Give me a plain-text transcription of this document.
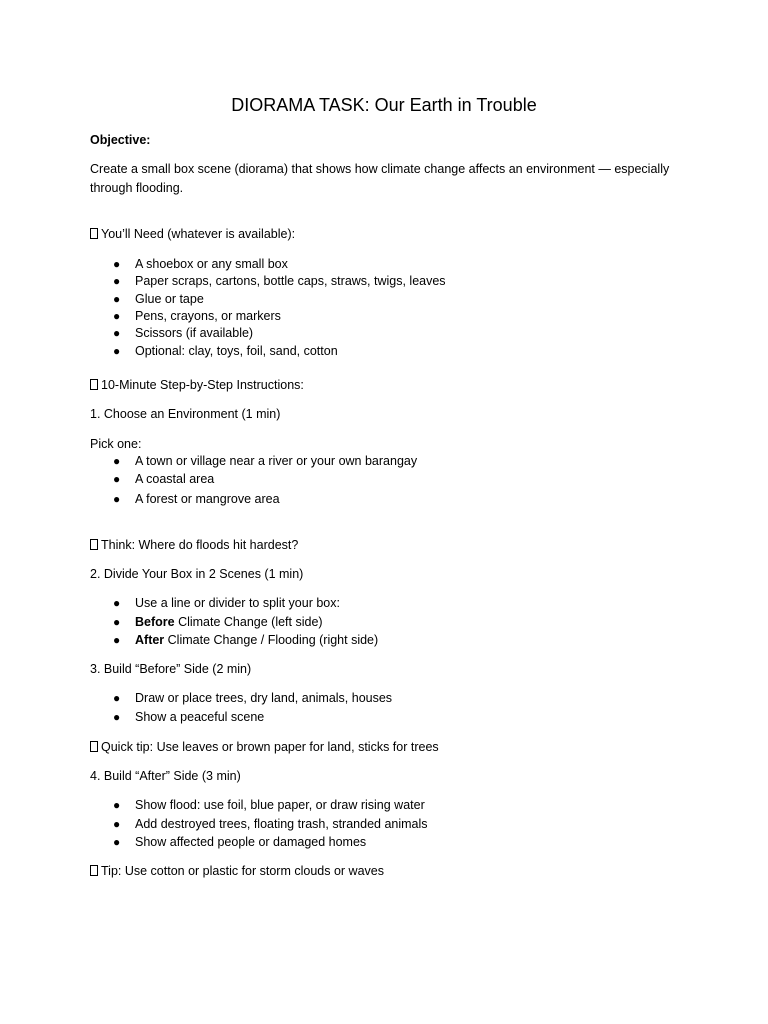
DIORAMA TASK: Our Earth in Trouble
Objective:
Create a small box scene (diorama) that shows how climate change affects an environment — especially
through flooding.
You’ll Need (whatever is available):
● A shoebox or any small box
● Paper scraps, cartons, bottle caps, straws, twigs, leaves
● Glue or tape
● Pens, crayons, or markers
● Scissors (if available)
● Optional: clay, toys, foil, sand, cotton
10-Minute Step-by-Step Instructions:
1. Choose an Environment (1 min)
Pick one:
● A town or village near a river or your own barangay
● A coastal area
● A forest or mangrove area
Think: Where do floods hit hardest?
2. Divide Your Box in 2 Scenes (1 min)
● Use a line or divider to split your box:
● Before Climate Change (left side)
● After Climate Change / Flooding (right side)
3. Build “Before” Side (2 min)
● Draw or place trees, dry land, animals, houses
● Show a peaceful scene
Quick tip: Use leaves or brown paper for land, sticks for trees
4. Build “After” Side (3 min)
● Show flood: use foil, blue paper, or draw rising water
● Add destroyed trees, floating trash, stranded animals
● Show affected people or damaged homes
Tip: Use cotton or plastic for storm clouds or waves
